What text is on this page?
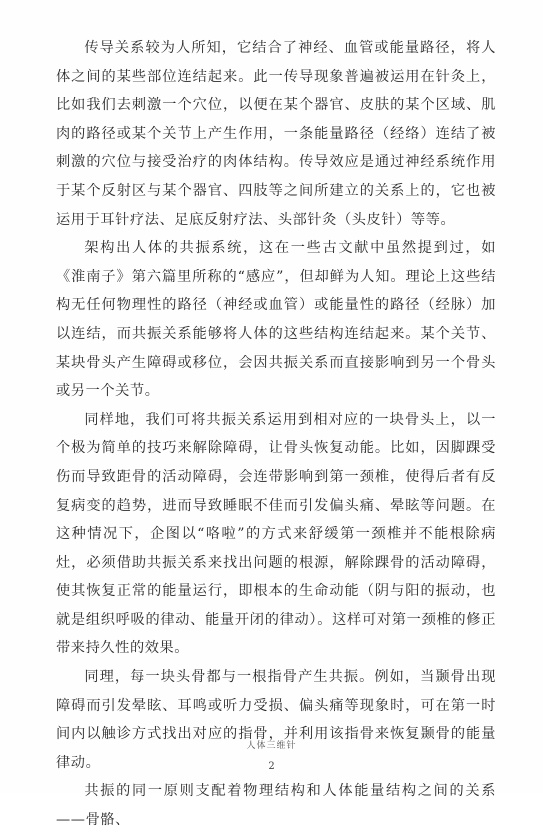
传导关系较为人所知，它结合了神经、血管或能量路径，将人体之间的某些部位连结起来。此一传导现象普遍被运用在针灸上，比如我们去刺激一个穴位，以便在某个器官、皮肤的某个区域、肌肉的路径或某个关节上产生作用，一条能量路径（经络）连结了被刺激的穴位与接受治疗的肉体结构。传导效应是通过神经系统作用于某个反射区与某个器官、四肢等之间所建立的关系上的，它也被运用于耳针疗法、足底反射疗法、头部针灸（头皮针）等等。

架构出人体的共振系统，这在一些古文献中虽然提到过，如《淮南子》第六篇里所称的“感应”，但却鲜为人知。理论上这些结构无任何物理性的路径（神经或血管）或能量性的路径（经脉）加以连结，而共振关系能够将人体的这些结构连结起来。某个关节、某块骨头产生障碍或移位，会因共振关系而直接影响到另一个骨头或另一个关节。

同样地，我们可将共振关系运用到相对应的一块骨头上，以一个极为简单的技巧来解除障碍，让骨头恢复动能。比如，因脚踝受伤而导致距骨的活动障碍，会连带影响到第一颈椎，使得后者有反复病变的趋势，进而导致睡眠不佳而引发偏头痛、晕眩等问题。在这种情况下，企图以“咯啦”的方式来舒缓第一颈椎并不能根除病灶，必须借助共振关系来找出问题的根源，解除踝骨的活动障碍，使其恢复正常的能量运行，即根本的生命动能（阴与阳的振动，也就是组织呼吸的律动、能量开闭的律动）。这样可对第一颈椎的修正带来持久性的效果。

同理，每一块头骨都与一根指骨产生共振。例如，当颞骨出现障碍而引发晕眩、耳鸣或听力受损、偏头痛等现象时，可在第一时间内以触诊方式找出对应的指骨，并利用该指骨来恢复颞骨的能量律动。

共振的同一原则支配着物理结构和人体能量结构之间的关系——骨骼、

人体三维针
2
